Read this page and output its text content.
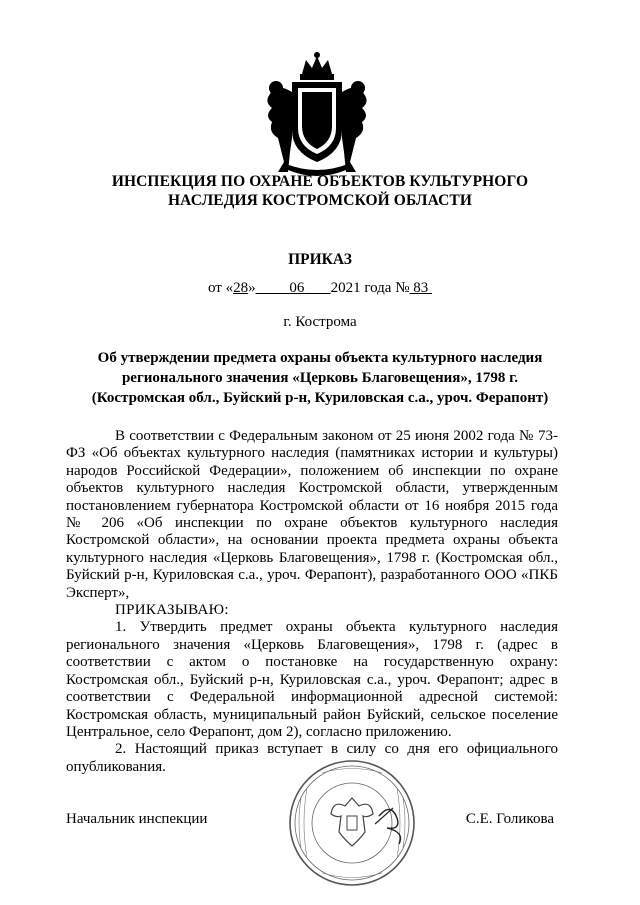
ИНСПЕКЦИЯ ПО ОХРАНЕ ОБЪЕКТОВ КУЛЬТУРНОГО
НАСЛЕДИЯ КОСТРОМСКОЙ ОБЛАСТИ
ПРИКАЗ
от «28» 06 2021 года № 83
г. Кострома
Об утверждении предмета охраны объекта культурного наследия
регионального значения «Церковь Благовещения», 1798 г.
(Костромская обл., Буйский р-н, Куриловская с.а., уроч. Ферапонт)

В соответствии с Федеральным законом от 25 июня 2002 года № 73-ФЗ «Об объектах культурного наследия (памятниках истории и культуры) народов Российской Федерации», положением об инспекции по охране объектов культурного наследия Костромской области, утвержденным постановлением губернатора Костромской области от 16 ноября 2015 года № 206 «Об инспекции по охране объектов культурного наследия Костромской области», на основании проекта предмета охраны объекта культурного наследия «Церковь Благовещения», 1798 г. (Костромская обл., Буйский р-н, Куриловская с.а., уроч. Ферапонт), разработанного ООО «ПКБ Эксперт»,

ПРИКАЗЫВАЮ:

1. Утвердить предмет охраны объекта культурного наследия регионального значения «Церковь Благовещения», 1798 г. (адрес в соответствии с актом о постановке на государственную охрану: Костромская обл., Буйский р-н, Куриловская с.а., уроч. Ферапонт; адрес в соответствии с Федеральной информационной адресной системой: Костромская область, муниципальный район Буйский, сельское поселение Центральное, село Ферапонт, дом 2), согласно приложению.

2. Настоящий приказ вступает в силу со дня его официального опубликования.

Начальник инспекции	С.Е. Голикова
